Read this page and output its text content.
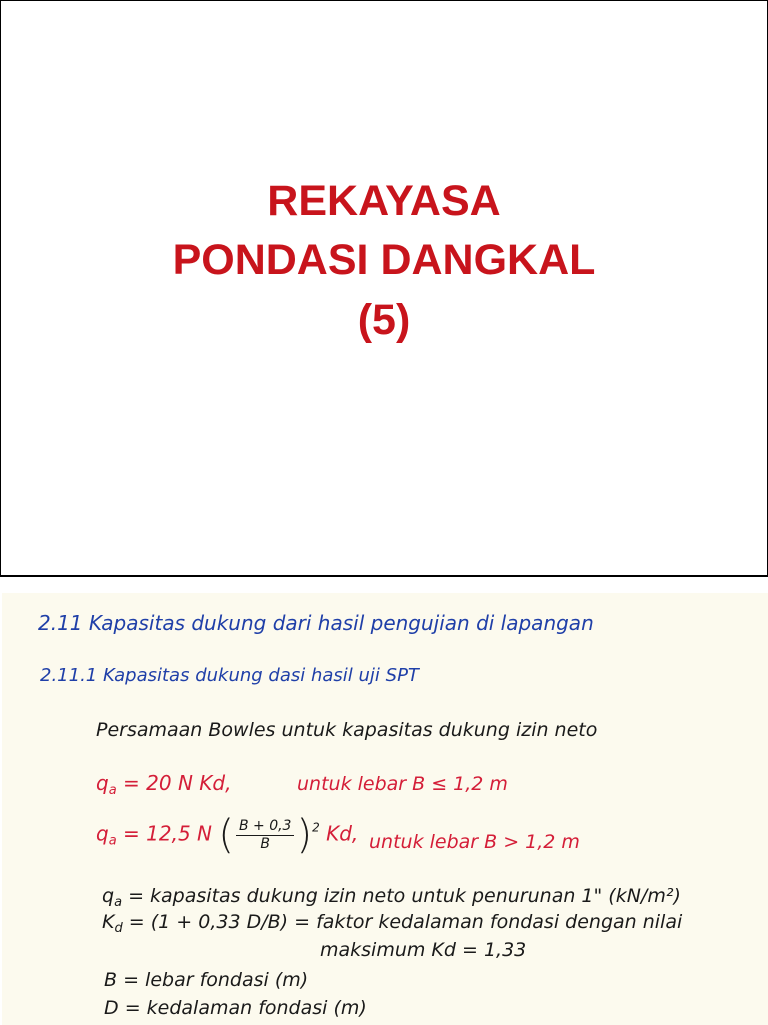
REKAYASA
PONDASI DANGKAL
(5)
2.11 Kapasitas dukung dari hasil pengujian di lapangan
2.11.1 Kapasitas dukung dasi hasil uji SPT
Persamaan Bowles untuk kapasitas dukung izin neto
$q_a = 20$ N Kd,	untuk lebar B ≤ 1,2 m
$q_a = 12,5$ N ( $\frac{B + 0,3}{B} )^2$ Kd, untuk lebar B > 1,2 m
$q_a$ = kapasitas dukung izin neto untuk penurunan 1" (kN/m²)
$K_d = (1 + 0,33$ D/B) = faktor kedalaman fondasi dengan nilai
maksimum Kd = 1,33
B = lebar fondasi (m)
D = kedalaman fondasi (m)
